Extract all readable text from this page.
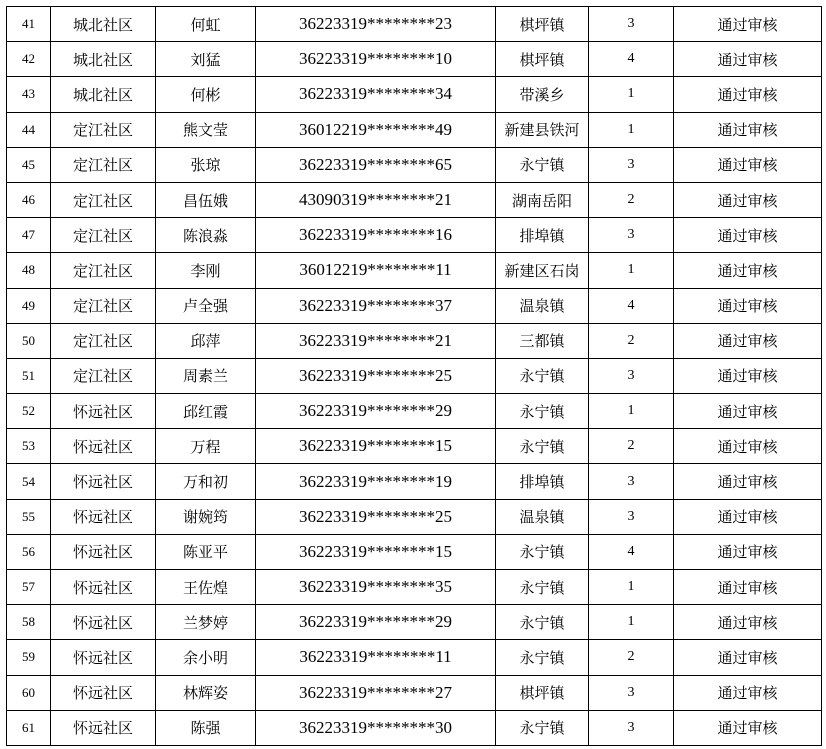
41	城北社区	何虹	36223319********23	棋坪镇	3	通过审核
42	城北社区	刘猛	36223319********10	棋坪镇	4	通过审核
43	城北社区	何彬	36223319********34	带溪乡	1	通过审核
44	定江社区	熊文莹	36012219********49	新建县铁河	1	通过审核
45	定江社区	张琼	36223319********65	永宁镇	3	通过审核
46	定江社区	昌伍娥	43090319********21	湖南岳阳	2	通过审核
47	定江社区	陈浪淼	36223319********16	排埠镇	3	通过审核
48	定江社区	李刚	36012219********11	新建区石岗	1	通过审核
49	定江社区	卢全强	36223319********37	温泉镇	4	通过审核
50	定江社区	邱萍	36223319********21	三都镇	2	通过审核
51	定江社区	周素兰	36223319********25	永宁镇	3	通过审核
52	怀远社区	邱红霞	36223319********29	永宁镇	1	通过审核
53	怀远社区	万程	36223319********15	永宁镇	2	通过审核
54	怀远社区	万和初	36223319********19	排埠镇	3	通过审核
55	怀远社区	谢婉筠	36223319********25	温泉镇	3	通过审核
56	怀远社区	陈亚平	36223319********15	永宁镇	4	通过审核
57	怀远社区	王佐煌	36223319********35	永宁镇	1	通过审核
58	怀远社区	兰梦婷	36223319********29	永宁镇	1	通过审核
59	怀远社区	余小明	36223319********11	永宁镇	2	通过审核
60	怀远社区	林辉姿	36223319********27	棋坪镇	3	通过审核
61	怀远社区	陈强	36223319********30	永宁镇	3	通过审核
